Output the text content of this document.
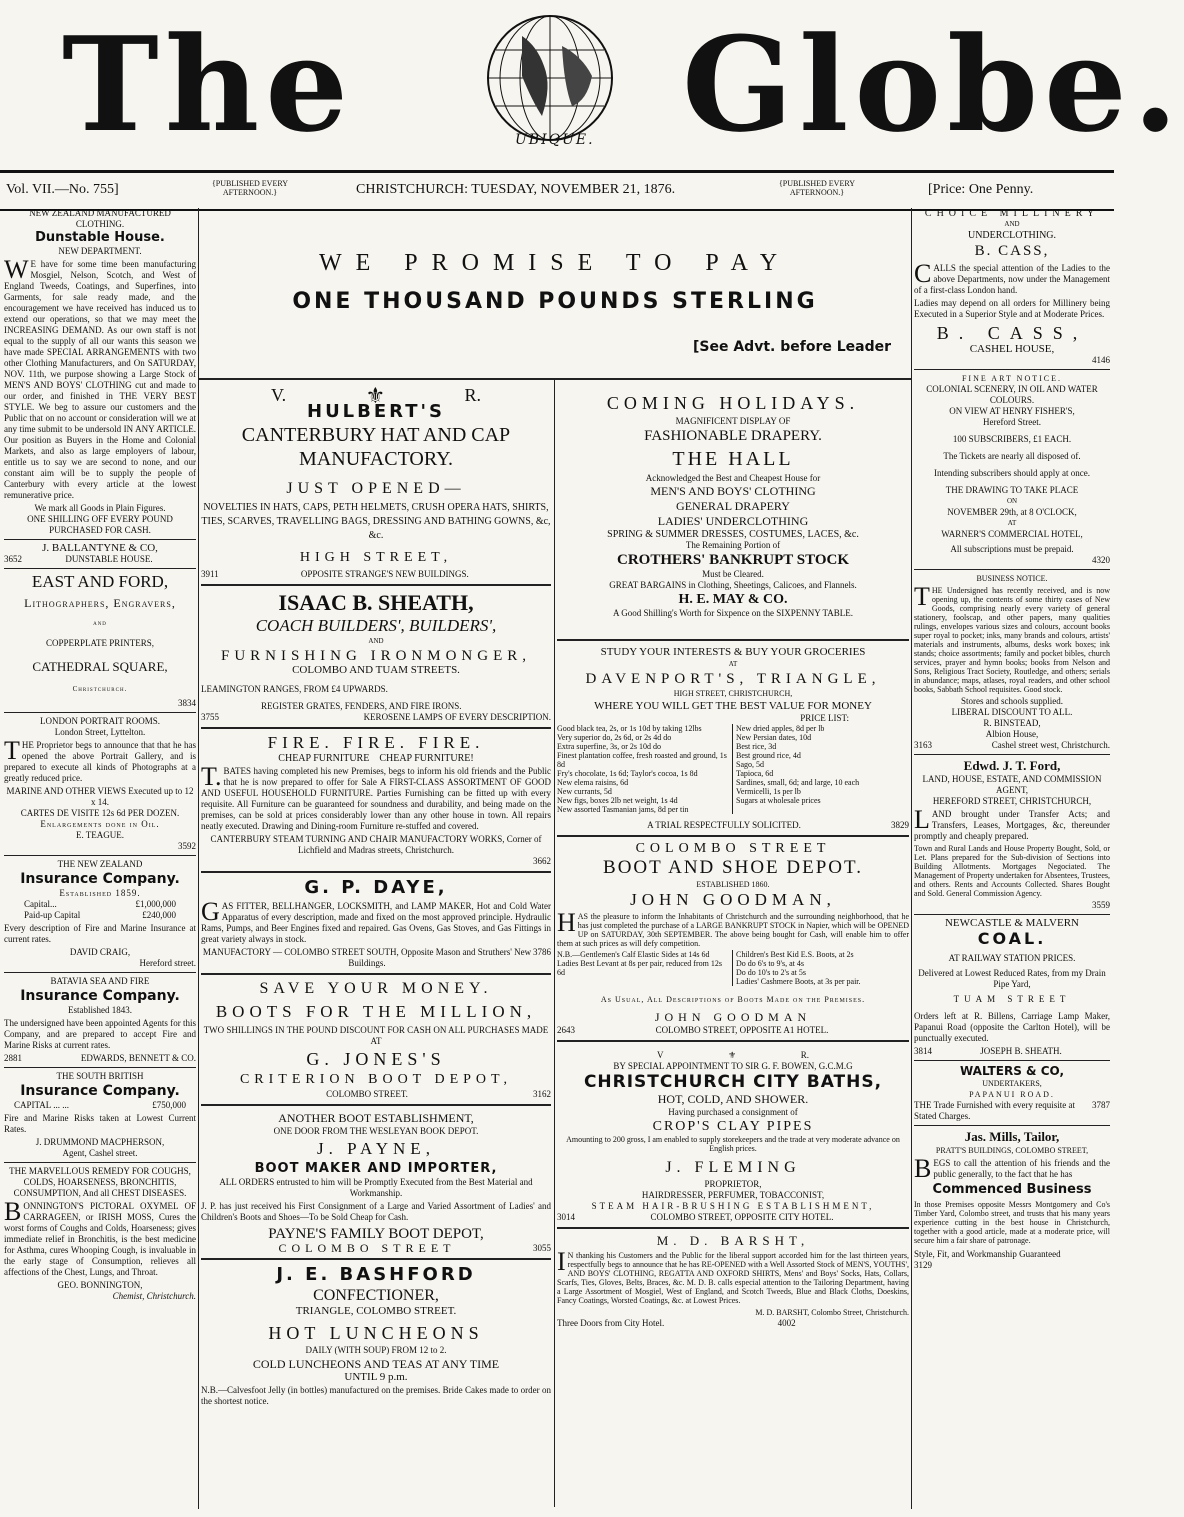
The	UBIQUE. Globe.
Vol. VII.—No. 755]	{PUBLISHED EVERY AFTERNOON.}	CHRISTCHURCH: TUESDAY, NOVEMBER 21, 1876.	{PUBLISHED EVERY AFTERNOON.}	[Price: One Penny.
NEW ZEALAND MANUFACTURED CLOTHING.
Dunstable House.
NEW DEPARTMENT.

WE have for some time been manufacturing Mosgiel, Nelson, Scotch, and West of England Tweeds, Coatings, and Superfines, into Garments, for sale ready made, and the encouragement we have received has induced us to extend our operations, so that we may meet the INCREASING DEMAND. As our own staff is not equal to the supply of all our wants this season we have made SPECIAL ARRANGEMENTS with two other Clothing Manufacturers, and On SATURDAY, NOV. 11th, we purpose showing a Large Stock of MEN'S AND BOYS' CLOTHING cut and made to our order, and finished in THE VERY BEST STYLE. We beg to assure our customers and the Public that on no account or consideration will we at any time submit to be undersold IN ANY ARTICLE. Our position as Buyers in the Home and Colonial Markets, and also as large employers of labour, entitle us to say we are second to none, and our constant aim will be to supply the people of Canterbury with every article at the lowest remunerative price.

We mark all Goods in Plain Figures.
ONE SHILLING OFF EVERY POUND PURCHASED FOR CASH.
J. BALLANTYNE & CO,
3652	DUNSTABLE HOUSE.
EAST AND FORD,
Lithographers, Engravers,
and
COPPERPLATE PRINTERS,
CATHEDRAL SQUARE,
Christchurch.
3834
LONDON PORTRAIT ROOMS.
London Street, Lyttelton.

THE Proprietor begs to announce that that he has opened the above Portrait Gallery, and is prepared to execute all kinds of Photographs at a greatly reduced price.

MARINE AND OTHER VIEWS Executed up to 12 x 14.
CARTES DE VISITE 12s 6d PER DOZEN.
Enlargements done in Oil.
E. TEAGUE.
3592
THE NEW ZEALAND
Insurance Company.
Established 1859.
Capital...	£1,000,000
Paid-up Capital	£240,000

Every description of Fire and Marine Insurance at current rates.

DAVID CRAIG,
Hereford street.
BATAVIA SEA AND FIRE
Insurance Company.
Established 1843.

The undersigned have been appointed Agents for this Company, and are prepared to accept Fire and Marine Risks at current rates.

2881	EDWARDS, BENNETT & CO.
THE SOUTH BRITISH
Insurance Company.
CAPITAL ... ...	£750,000

Fire and Marine Risks taken at Lowest Current Rates.

J. DRUMMOND MACPHERSON,
Agent, Cashel street.
THE MARVELLOUS REMEDY FOR COUGHS, COLDS, HOARSENESS, BRONCHITIS, CONSUMPTION, And all CHEST DISEASES.

BONNINGTON'S PICTORAL OXYMEL OF CARRAGEEN, or IRISH MOSS, Cures the worst forms of Coughs and Colds, Hoarseness; gives immediate relief in Bronchitis, is the best medicine for Asthma, cures Whooping Cough, is invaluable in the early stage of Consumption, relieves all affections of the Chest, Lungs, and Throat.

GEO. BONNINGTON,
Chemist, Christchurch.
WE PROMISE TO PAY
ONE THOUSAND POUNDS STERLING
[See Advt. before Leader
V.	⚜	R.
HULBERT'S
CANTERBURY HAT AND CAP MANUFACTORY.
JUST OPENED—
NOVELTIES IN HATS, CAPS, PETH HELMETS, CRUSH OPERA HATS, SHIRTS, TIES, SCARVES, TRAVELLING BAGS, DRESSING AND BATHING GOWNS, &c, &c.
HIGH STREET,
3911	OPPOSITE STRANGE'S NEW BUILDINGS.
ISAAC B. SHEATH,
COACH BUILDERS', BUILDERS',
AND
FURNISHING IRONMONGER,
COLOMBO AND TUAM STREETS.
LEAMINGTON RANGES, FROM £4 UPWARDS.
REGISTER GRATES, FENDERS, AND FIRE IRONS.
3755	KEROSENE LAMPS OF EVERY DESCRIPTION.
FIRE. FIRE. FIRE.
CHEAP FURNITURE    CHEAP FURNITURE!

T.BATES having completed his new Premises, begs to inform his old friends and the Public that he is now prepared to offer for Sale A FIRST-CLASS ASSORTMENT OF GOOD AND USEFUL HOUSEHOLD FURNITURE. Parties Furnishing can be fitted up with every requisite. All Furniture can be guaranteed for soundness and durability, and being made on the premises, can be sold at prices considerably lower than any other house in town. All repairs neatly executed. Drawing and Dining-room Furniture re-stuffed and covered.

CANTERBURY STEAM TURNING AND CHAIR MANUFACTORY WORKS, Corner of Lichfield and Madras streets, Christchurch.
3662
G. P. DAYE,

GAS FITTER, BELLHANGER, LOCKSMITH, and LAMP MAKER, Hot and Cold Water Apparatus of every description, made and fixed on the most approved principle. Hydraulic Rams, Pumps, and Beer Engines fixed and repaired. Gas Ovens, Gas Stoves, and Gas Fittings in great variety always in stock.

MANUFACTORY — COLOMBO STREET SOUTH, Opposite Mason and Struthers' New Buildings.
3786
SAVE YOUR MONEY.
BOOTS FOR THE MILLION,
TWO SHILLINGS IN THE POUND DISCOUNT FOR CASH ON ALL PURCHASES MADE AT
G. JONES'S
CRITERION BOOT DEPOT,
COLOMBO STREET.	3162
ANOTHER BOOT ESTABLISHMENT,
ONE DOOR FROM THE WESLEYAN BOOK DEPOT.
J. PAYNE,
BOOT MAKER AND IMPORTER,
ALL ORDERS entrusted to him will be Promptly Executed from the Best Material and Workmanship.

J. P. has just received his First Consignment of a Large and Varied Assortment of Ladies' and Children's Boots and Shoes—To be Sold Cheap for Cash.

PAYNE'S FAMILY BOOT DEPOT,
COLOMBO STREET	3055
J. E. BASHFORD
CONFECTIONER,
TRIANGLE, COLOMBO STREET.
HOT LUNCHEONS
DAILY (WITH SOUP) FROM 12 to 2.
COLD LUNCHEONS AND TEAS AT ANY TIME
UNTIL 9 p.m.

N.B.—Calvesfoot Jelly (in bottles) manufactured on the premises. Bride Cakes made to order on the shortest notice.

COMING HOLIDAYS.
MAGNIFICENT DISPLAY OF
FASHIONABLE DRAPERY.
THE HALL
Acknowledged the Best and Cheapest House for
MEN'S AND BOYS' CLOTHING
GENERAL DRAPERY
LADIES' UNDERCLOTHING
SPRING & SUMMER DRESSES, COSTUMES, LACES, &c.
The Remaining Portion of
CROTHERS' BANKRUPT STOCK
Must be Cleared.
GREAT BARGAINS in Clothing, Sheetings, Calicoes, and Flannels.
H. E. MAY & CO.
A Good Shilling's Worth for Sixpence on the SIXPENNY TABLE.
STUDY YOUR INTERESTS & BUY YOUR GROCERIES
AT
DAVENPORT'S, TRIANGLE,
HIGH STREET, CHRISTCHURCH,
WHERE YOU WILL GET THE BEST VALUE FOR MONEY
PRICE LIST:
Good black tea, 2s, or 1s 10d by taking 12lbs
Very superior do, 2s 6d, or 2s 4d do
Extra superfine, 3s, or 2s 10d do
Finest plantation coffee, fresh roasted and ground, 1s 8d
Fry's chocolate, 1s 6d; Taylor's cocoa, 1s 8d
New elema raisins, 6d
New currants, 5d
New figs, boxes 2lb net weight, 1s 4d
New assorted Tasmanian jams, 8d per tin
New dried apples, 8d per lb
New Persian dates, 10d
Best rice, 3d
Best ground rice, 4d
Sago, 5d
Tapioca, 6d
Sardines, small, 6d; and large, 10 each
Vermicelli, 1s per lb
Sugars at wholesale prices
A TRIAL RESPECTFULLY SOLICITED.	3829
COLOMBO STREET
BOOT AND SHOE DEPOT.
ESTABLISHED 1860.
JOHN GOODMAN,

HAS the pleasure to inform the Inhabitants of Christchurch and the surrounding neighborhood, that he has just completed the purchase of a LARGE BANKRUPT STOCK in Napier, which will be OPENED UP on SATURDAY, 30th SEPTEMBER. The above being bought for Cash, will enable him to offer them at such prices as will defy competition.

N.B.—Gentlemen's Calf Elastic Sides at 14s 6d
Ladies Best Levant at 8s per pair, reduced from 12s 6d
Children's Best Kid E.S. Boots, at 2s
Do do 6's to 9's, at 4s
Do do 10's to 2's at 5s
Ladies' Cashmere Boots, at 3s per pair.
As Usual, All Descriptions of Boots Made on the Premises.
JOHN GOODMAN
2643	COLOMBO STREET, OPPOSITE A1 HOTEL.
V	⚜	R.
BY SPECIAL APPOINTMENT TO SIR G. F. BOWEN, G.C.M.G
CHRISTCHURCH CITY BATHS,
HOT, COLD, AND SHOWER.
Having purchased a consignment of
CROP'S CLAY PIPES
Amounting to 200 gross, I am enabled to supply storekeepers and the trade at very moderate advance on English prices.
J. FLEMING
PROPRIETOR,
HAIRDRESSER, PERFUMER, TOBACCONIST,
STEAM HAIR-BRUSHING ESTABLISHMENT,
3014	COLOMBO STREET, OPPOSITE CITY HOTEL.
M. D. BARSHT,

IN thanking his Customers and the Public for the liberal support accorded him for the last thirteen years, respectfully begs to announce that he has RE-OPENED with a Well Assorted Stock of MEN'S, YOUTHS', AND BOYS' CLOTHING, REGATTA AND OXFORD SHIRTS, Mens' and Boys' Socks, Hats, Collars, Scarfs, Ties, Gloves, Belts, Braces, &c. M. D. B. calls especial attention to the Tailoring Department, having a Large Assortment of Mosgiel, West of England, and Scotch Tweeds, Blue and Black Cloths, Doeskins, Fancy Coatings, Worsted Coatings, &c. at Lowest Prices.

M. D. BARSHT, Colombo Street, Christchurch.
Three Doors from City Hotel.	4002
CHOICE MILLINERY
AND
UNDERCLOTHING.
B. CASS,

CALLS the special attention of the Ladies to the above Departments, now under the Management of a first-class London hand.

Ladies may depend on all orders for Millinery being Executed in a Superior Style and at Moderate Prices.

B. CASS,
CASHEL HOUSE,
4146
FINE ART NOTICE.
COLONIAL SCENERY, IN OIL AND WATER COLOURS.
ON VIEW AT HENRY FISHER'S,
Hereford Street.
100 SUBSCRIBERS, £1 EACH.
The Tickets are nearly all disposed of.
Intending subscribers should apply at once.
THE DRAWING TO TAKE PLACE
ON
NOVEMBER 29th, at 8 O'CLOCK,
AT
WARNER'S COMMERCIAL HOTEL,
All subscriptions must be prepaid.
4320
BUSINESS NOTICE.

THE Undersigned has recently received, and is now opening up, the contents of some thirty cases of New Goods, comprising nearly every variety of general stationery, foolscap, and other papers, many qualities rulings, envelopes various sizes and colours, account books super royal to pocket; inks, many brands and colours, artists' materials and instruments, albums, desks work boxes; ink stands; choice assortments; family and pocket bibles, church services, prayer and hymn books; books from Nelson and Sons, Religious Tract Society, Routledge, and others; serials in abundance; maps, atlases, royal readers, and other school books, Sabbath School requisites. Good stock.

Stores and schools supplied.
LIBERAL DISCOUNT TO ALL.
R. BINSTEAD,
Albion House,
3163	Cashel street west, Christchurch.
Edwd. J. T. Ford,
LAND, HOUSE, ESTATE, AND COMMISSION AGENT,
HEREFORD STREET, CHRISTCHURCH,

LAND brought under Transfer Acts; and Transfers, Leases, Mortgages, &c, thereunder promptly and cheaply prepared.

Town and Rural Lands and House Property Bought, Sold, or Let. Plans prepared for the Sub-division of Sections into Building Allotments. Mortgages Negociated. The Management of Property undertaken for Absentees, Trustees, and others. Rents and Accounts Collected. Shares Bought and Sold. General Commission Agency.

3559
NEWCASTLE & MALVERN
COAL.
AT RAILWAY STATION PRICES.
Delivered at Lowest Reduced Rates, from my Drain Pipe Yard,
TUAM STREET

Orders left at R. Billens, Carriage Lamp Maker, Papanui Road (opposite the Carlton Hotel), will be punctually executed.

3814	JOSEPH B. SHEATH.
WALTERS & CO,
UNDERTAKERS,
PAPANUI ROAD.
THE Trade Furnished with every requisite at Stated Charges.
3787
Jas. Mills, Tailor,
PRATT'S BUILDINGS, COLOMBO STREET,

BEGS to call the attention of his friends and the public generally, to the fact that he has

Commenced Business

In those Premises opposite Messrs Montgomery and Co's Timber Yard, Colombo street, and trusts that his many years experience cutting in the best house in Christchurch, together with a good article, made at a moderate price, will secure him a fair share of patronage.

Style, Fit, and Workmanship Guaranteed
3129
